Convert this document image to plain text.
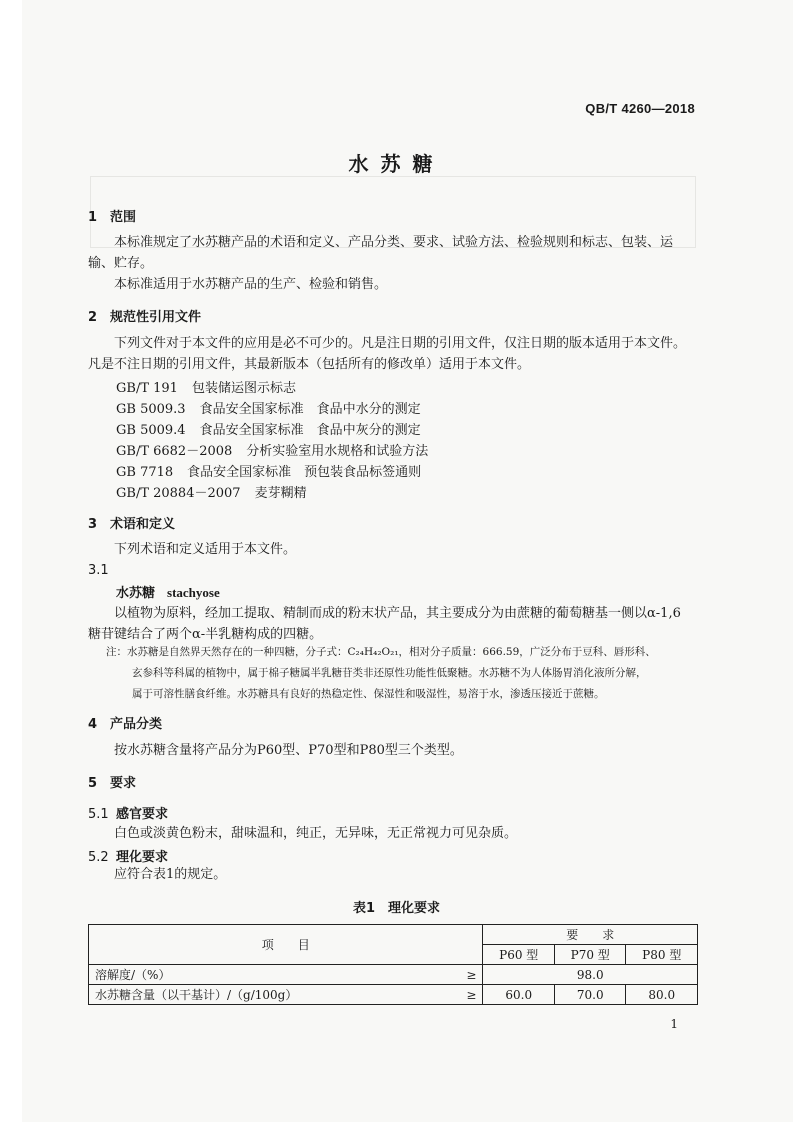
QB/T 4260—2018
水苏糖
1 范围
本标准规定了水苏糖产品的术语和定义、产品分类、要求、试验方法、检验规则和标志、包装、运
输、贮存。
本标准适用于水苏糖产品的生产、检验和销售。
2 规范性引用文件
下列文件对于本文件的应用是必不可少的。凡是注日期的引用文件，仅注日期的版本适用于本文件。
凡是不注日期的引用文件，其最新版本（包括所有的修改单）适用于本文件。
GB/T 191 包装储运图示标志
GB 5009.3 食品安全国家标准　食品中水分的测定
GB 5009.4 食品安全国家标准　食品中灰分的测定
GB/T 6682－2008 分析实验室用水规格和试验方法
GB 7718 食品安全国家标准　预包装食品标签通则
GB/T 20884－2007 麦芽糊精
3 术语和定义
下列术语和定义适用于本文件。
3.1
水苏糖 stachyose
以植物为原料，经加工提取、精制而成的粉末状产品，其主要成分为由蔗糖的葡萄糖基一侧以α-1,6
糖苷键结合了两个α-半乳糖构成的四糖。
注：水苏糖是自然界天然存在的一种四糖，分子式：C₂₄H₄₂O₂₁，相对分子质量：666.59，广泛分布于豆科、唇形科、
玄参科等科属的植物中，属于棉子糖属半乳糖苷类非还原性功能性低聚糖。水苏糖不为人体肠胃消化液所分解，
属于可溶性膳食纤维。水苏糖具有良好的热稳定性、保湿性和吸湿性，易溶于水，渗透压接近于蔗糖。
4 产品分类
按水苏糖含量将产品分为P60型、P70型和P80型三个类型。
5 要求
5.1 感官要求
白色或淡黄色粉末，甜味温和，纯正，无异味，无正常视力可见杂质。
5.2 理化要求
应符合表1的规定。
表1　理化要求
项　　目		要　　求		
		P60 型	P70 型	P80 型
溶解度/（%）	≥	98.0		
水苏糖含量（以干基计）/（g/100g）	≥	60.0	70.0	80.0
1
